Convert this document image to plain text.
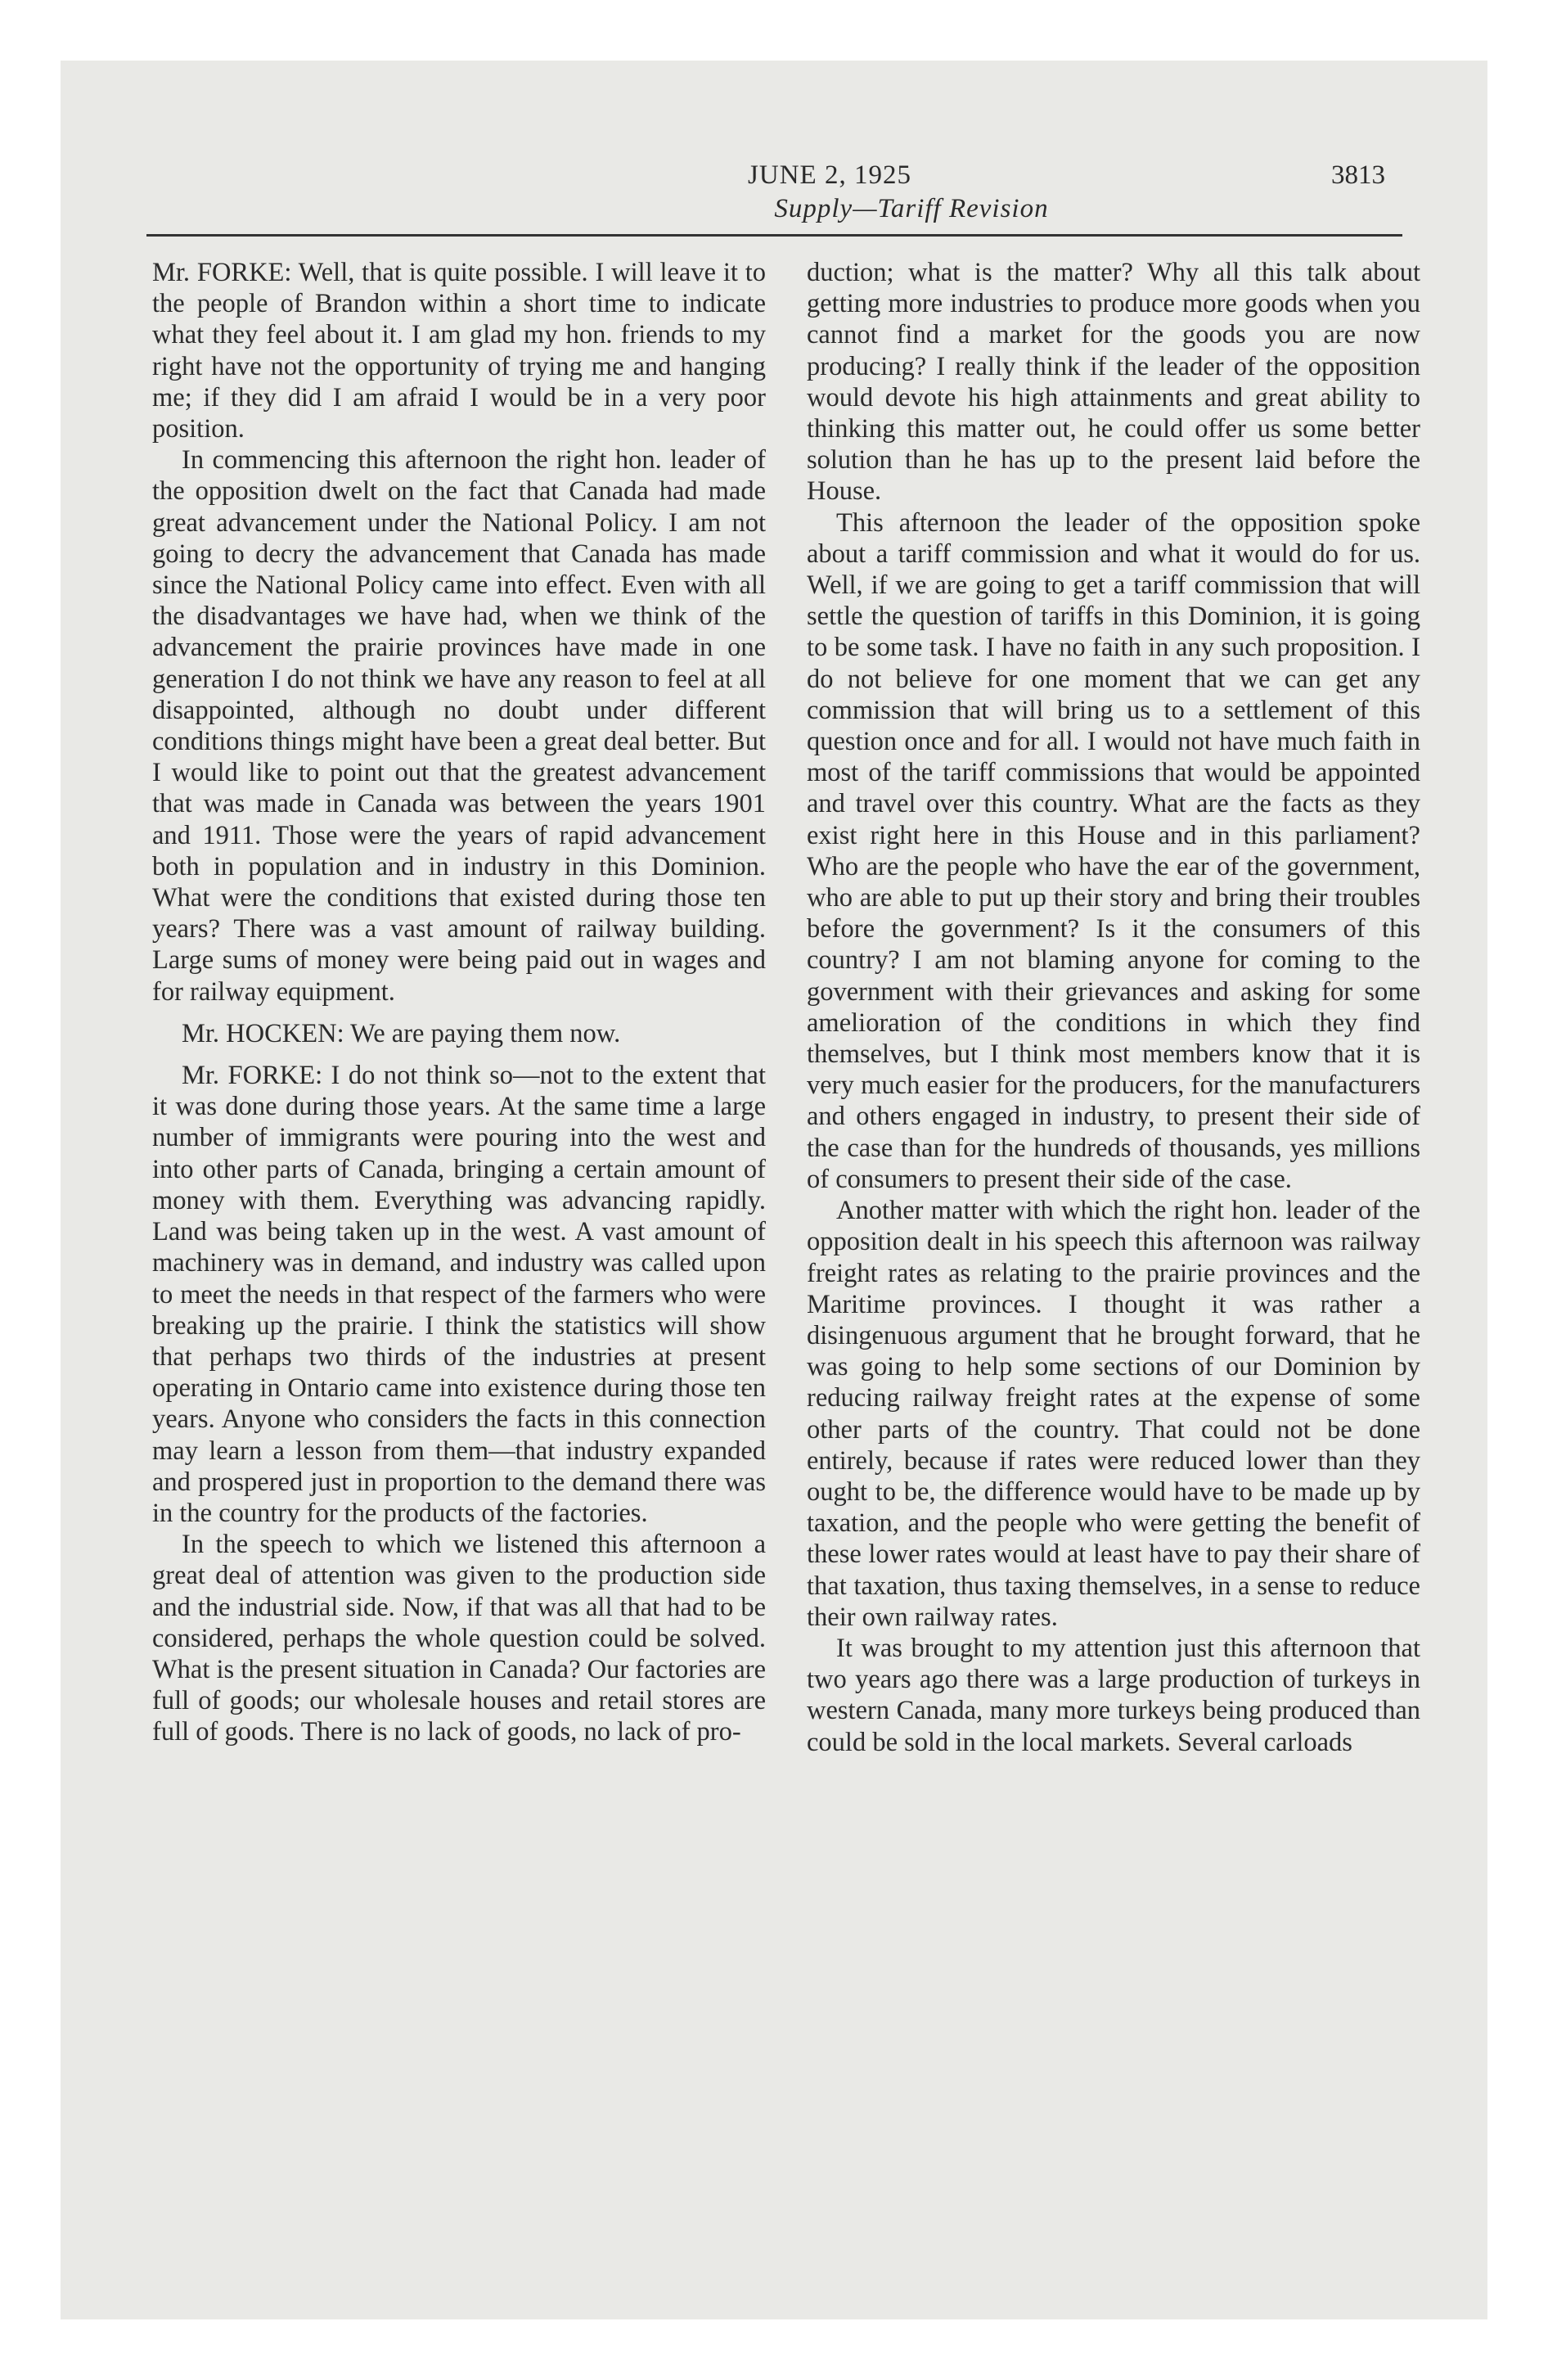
JUNE 2, 1925	3813
Supply—Tariff Revision

Mr. FORKE: Well, that is quite possible. I will leave it to the people of Brandon within a short time to indicate what they feel about it. I am glad my hon. friends to my right have not the opportunity of trying me and hanging me; if they did I am afraid I would be in a very poor position.

In commencing this afternoon the right hon. leader of the opposition dwelt on the fact that Canada had made great advancement under the National Policy. I am not going to decry the advancement that Canada has made since the National Policy came into effect. Even with all the disadvantages we have had, when we think of the advancement the prairie provinces have made in one generation I do not think we have any reason to feel at all disappointed, although no doubt under different conditions things might have been a great deal better. But I would like to point out that the greatest advancement that was made in Canada was between the years 1901 and 1911. Those were the years of rapid advancement both in population and in industry in this Dominion. What were the conditions that existed during those ten years? There was a vast amount of railway building. Large sums of money were being paid out in wages and for railway equipment.

Mr. HOCKEN: We are paying them now.

Mr. FORKE: I do not think so—not to the extent that it was done during those years. At the same time a large number of immigrants were pouring into the west and into other parts of Canada, bringing a certain amount of money with them. Everything was advancing rapidly. Land was being taken up in the west. A vast amount of machinery was in demand, and industry was called upon to meet the needs in that respect of the farmers who were breaking up the prairie. I think the statistics will show that perhaps two thirds of the industries at present operating in Ontario came into existence during those ten years. Anyone who considers the facts in this connection may learn a lesson from them—that industry expanded and prospered just in proportion to the demand there was in the country for the products of the factories.

In the speech to which we listened this afternoon a great deal of attention was given to the production side and the industrial side. Now, if that was all that had to be considered, perhaps the whole question could be solved. What is the present situation in Canada? Our factories are full of goods; our wholesale houses and retail stores are full of goods. There is no lack of goods, no lack of pro-

duction; what is the matter? Why all this talk about getting more industries to produce more goods when you cannot find a market for the goods you are now producing? I really think if the leader of the opposition would devote his high attainments and great ability to thinking this matter out, he could offer us some better solution than he has up to the present laid before the House.

This afternoon the leader of the opposition spoke about a tariff commission and what it would do for us. Well, if we are going to get a tariff commission that will settle the question of tariffs in this Dominion, it is going to be some task. I have no faith in any such proposition. I do not believe for one moment that we can get any commission that will bring us to a settlement of this question once and for all. I would not have much faith in most of the tariff commissions that would be appointed and travel over this country. What are the facts as they exist right here in this House and in this parliament? Who are the people who have the ear of the government, who are able to put up their story and bring their troubles before the government? Is it the consumers of this country? I am not blaming anyone for coming to the government with their grievances and asking for some amelioration of the conditions in which they find themselves, but I think most members know that it is very much easier for the producers, for the manufacturers and others engaged in industry, to present their side of the case than for the hundreds of thousands, yes millions of consumers to present their side of the case.

Another matter with which the right hon. leader of the opposition dealt in his speech this afternoon was railway freight rates as relating to the prairie provinces and the Maritime provinces. I thought it was rather a disingenuous argument that he brought forward, that he was going to help some sections of our Dominion by reducing railway freight rates at the expense of some other parts of the country. That could not be done entirely, because if rates were reduced lower than they ought to be, the difference would have to be made up by taxation, and the people who were getting the benefit of these lower rates would at least have to pay their share of that taxation, thus taxing themselves, in a sense to reduce their own railway rates.

It was brought to my attention just this afternoon that two years ago there was a large production of turkeys in western Canada, many more turkeys being produced than could be sold in the local markets. Several carloads
